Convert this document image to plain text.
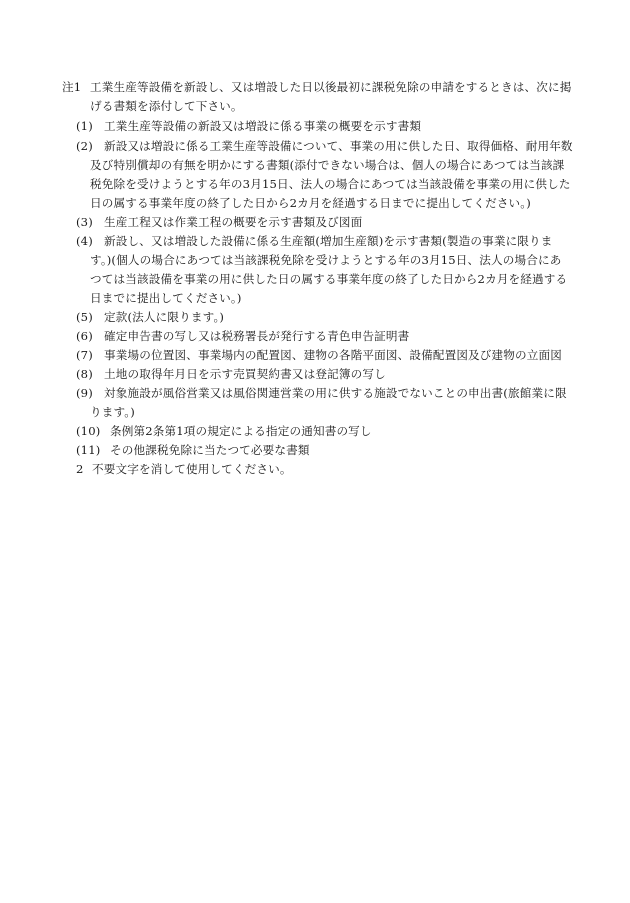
注1 工業生産等設備を新設し、又は増設した日以後最初に課税免除の申請をするときは、次に掲
げる書類を添付して下さい。
(1) 工業生産等設備の新設又は増設に係る事業の概要を示す書類
(2) 新設又は増設に係る工業生産等設備について、事業の用に供した日、取得価格、耐用年数
及び特別償却の有無を明かにする書類(添付できない場合は、個人の場合にあつては当該課
税免除を受けようとする年の3月15日、法人の場合にあつては当該設備を事業の用に供した
日の属する事業年度の終了した日から2カ月を経過する日までに提出してください。)
(3) 生産工程又は作業工程の概要を示す書類及び図面
(4) 新設し、又は増設した設備に係る生産額(増加生産額)を示す書類(製造の事業に限りま
す。)(個人の場合にあつては当該課税免除を受けようとする年の3月15日、法人の場合にあ
つては当該設備を事業の用に供した日の属する事業年度の終了した日から2カ月を経過する
日までに提出してください。)
(5) 定款(法人に限ります。)
(6) 確定申告書の写し又は税務署長が発行する青色申告証明書
(7) 事業場の位置図、事業場内の配置図、建物の各階平面図、設備配置図及び建物の立面図
(8) 土地の取得年月日を示す売買契約書又は登記簿の写し
(9) 対象施設が風俗営業又は風俗関連営業の用に供する施設でないことの申出書(旅館業に限
ります。)
(10) 条例第2条第1項の規定による指定の通知書の写し
(11) その他課税免除に当たつて必要な書類
2 不要文字を消して使用してください。
